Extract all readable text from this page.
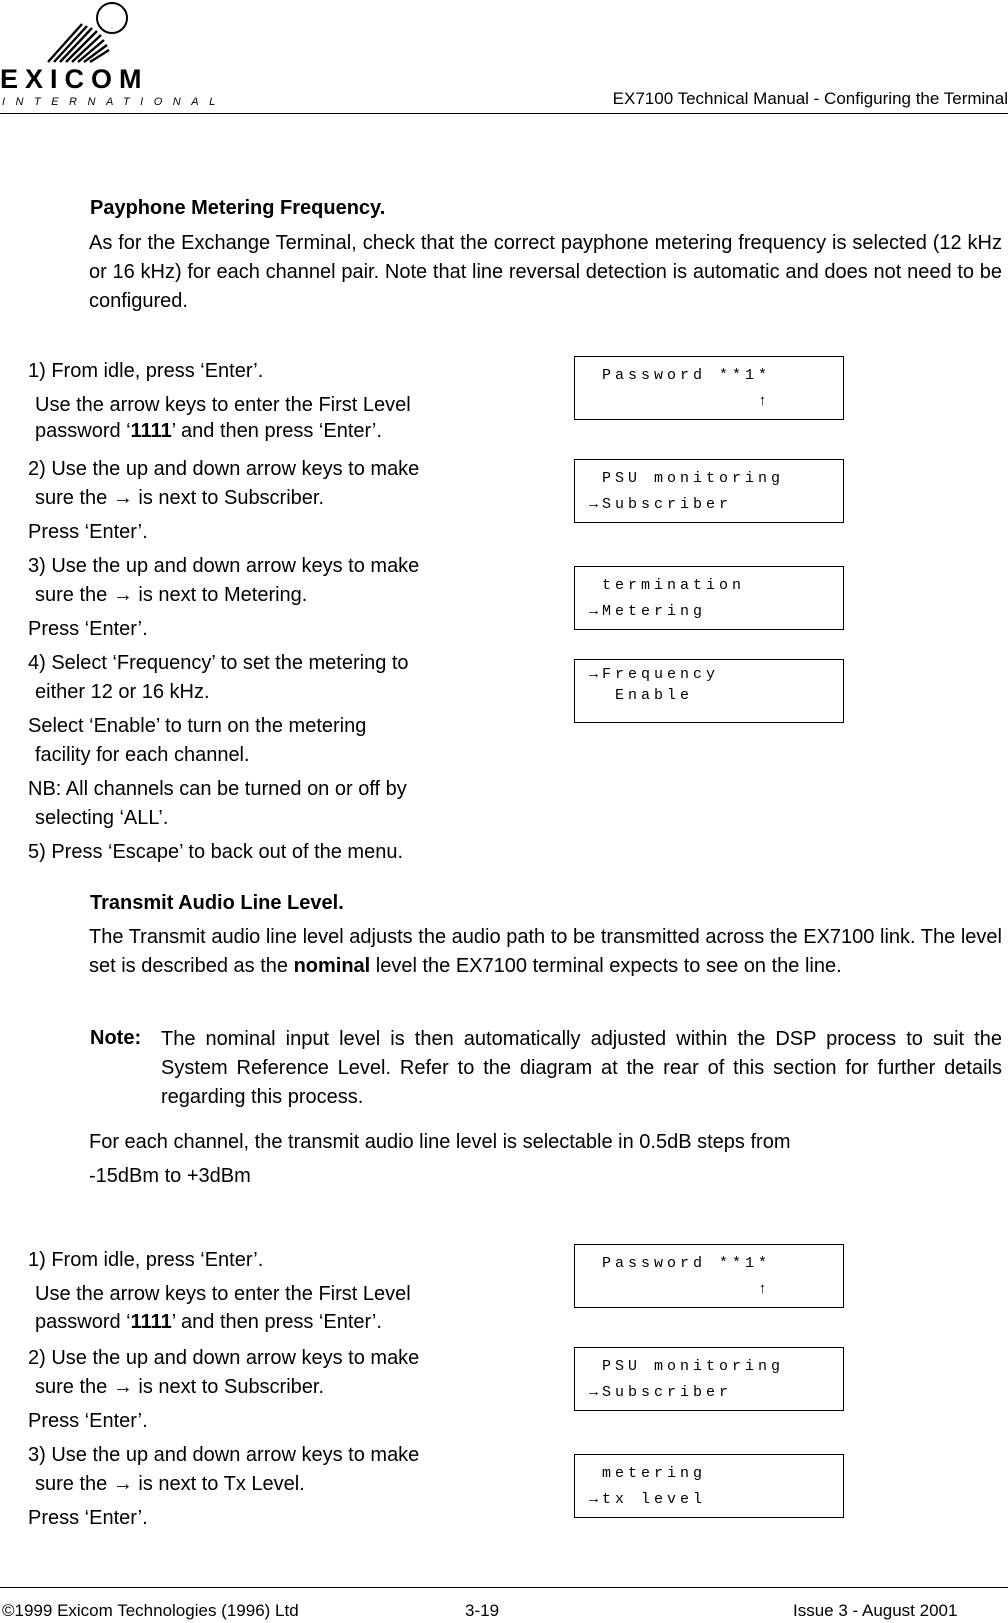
EXICOM
INTERNATIONAL	EX7100 Technical Manual - Configuring the Terminal
Payphone Metering Frequency.
As for the Exchange Terminal, check that the correct payphone metering frequency is selected (12 kHz or 16 kHz) for each channel pair. Note that line reversal detection is automatic and does not need to be configured.
1) From idle, press ‘Enter’.
Use the arrow keys to enter the First Level
password ‘1111’ and then press ‘Enter’.
2) Use the up and down arrow keys to make
sure the → is next to Subscriber.
Press ‘Enter’.
3) Use the up and down arrow keys to make
sure the → is next to Metering.
Press ‘Enter’.
4) Select ‘Frequency’ to set the metering to
either 12 or 16 kHz.
Select ‘Enable’ to turn on the metering
facility for each channel.
NB: All channels can be turned on or off by
selecting ‘ALL’.
5) Press ‘Escape’ to back out of the menu.

Password **1*

↑

PSU monitoring

→Subscriber

termination

→Metering

→Frequency

Enable

Transmit Audio Line Level.
The Transmit audio line level adjusts the audio path to be transmitted across the EX7100 link. The level set is described as the nominal level the EX7100 terminal expects to see on the line.
Note: The nominal input level is then automatically adjusted within the DSP process to suit the System Reference Level. Refer to the diagram at the rear of this section for further details regarding this process.
For each channel, the transmit audio line level is selectable in 0.5dB steps from
-15dBm to +3dBm
1) From idle, press ‘Enter’.
Use the arrow keys to enter the First Level
password ‘1111’ and then press ‘Enter’.
2) Use the up and down arrow keys to make
sure the → is next to Subscriber.
Press ‘Enter’.
3) Use the up and down arrow keys to make
sure the → is next to Tx Level.
Press ‘Enter’.

Password **1*

↑

PSU monitoring

→Subscriber

metering

→tx level

©1999 Exicom Technologies (1996) Ltd	3-19	Issue 3 - August 2001
